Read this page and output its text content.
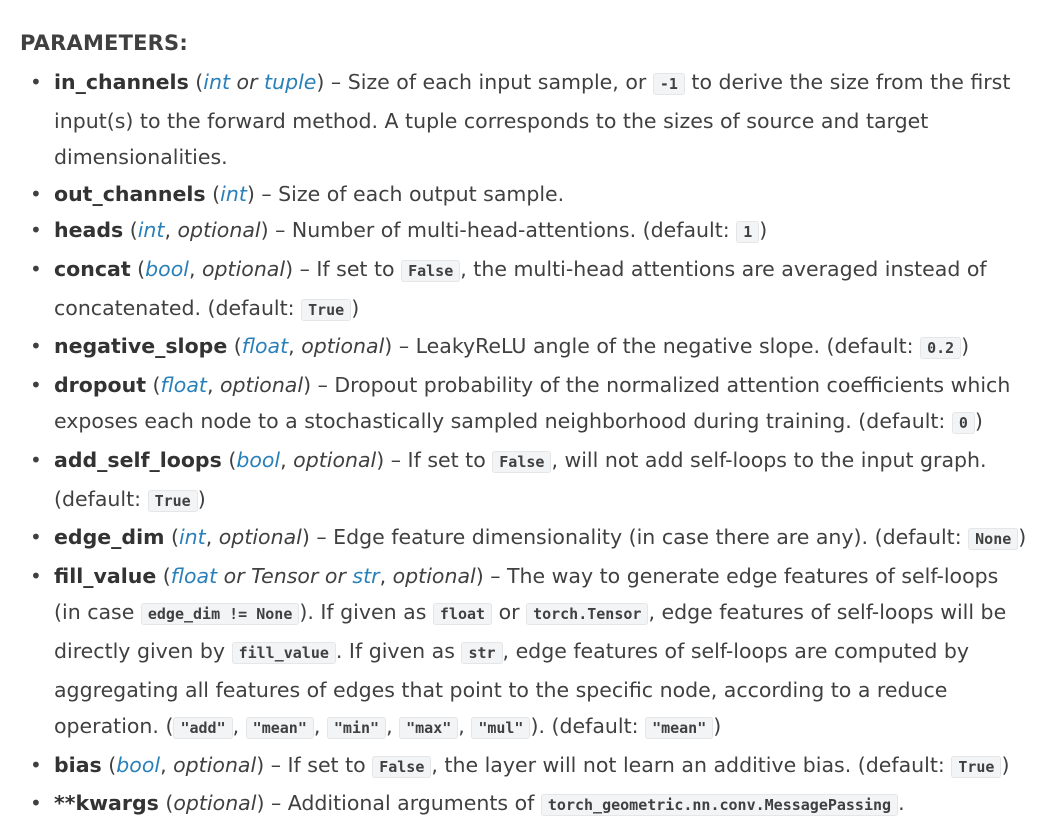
PARAMETERS:
• in_channels (int or tuple) – Size of each input sample, or -1 to derive the size from the first input(s) to the forward method. A tuple corresponds to the sizes of source and target dimensionalities.
• out_channels (int) – Size of each output sample.
• heads (int, optional) – Number of multi-head-attentions. (default: 1 )
• concat (bool, optional) – If set to False , the multi-head attentions are averaged instead of concatenated. (default: True )
• negative_slope (float, optional) – LeakyReLU angle of the negative slope. (default: 0.2 )
• dropout (float, optional) – Dropout probability of the normalized attention coefficients which exposes each node to a stochastically sampled neighborhood during training. (default: 0 )
• add_self_loops (bool, optional) – If set to False , will not add self-loops to the input graph. (default: True )
• edge_dim (int, optional) – Edge feature dimensionality (in case there are any). (default: None )
• fill_value (float or Tensor or str, optional) – The way to generate edge features of self-loops (in case edge_dim != None ). If given as float or torch.Tensor , edge features of self-loops will be directly given by fill_value . If given as str , edge features of self-loops are computed by aggregating all features of edges that point to the specific node, according to a reduce operation. ( "add" , "mean" , "min" , "max" , "mul" ). (default: "mean" )
• bias (bool, optional) – If set to False , the layer will not learn an additive bias. (default: True )
• **kwargs (optional) – Additional arguments of torch_geometric.nn.conv.MessagePassing .
